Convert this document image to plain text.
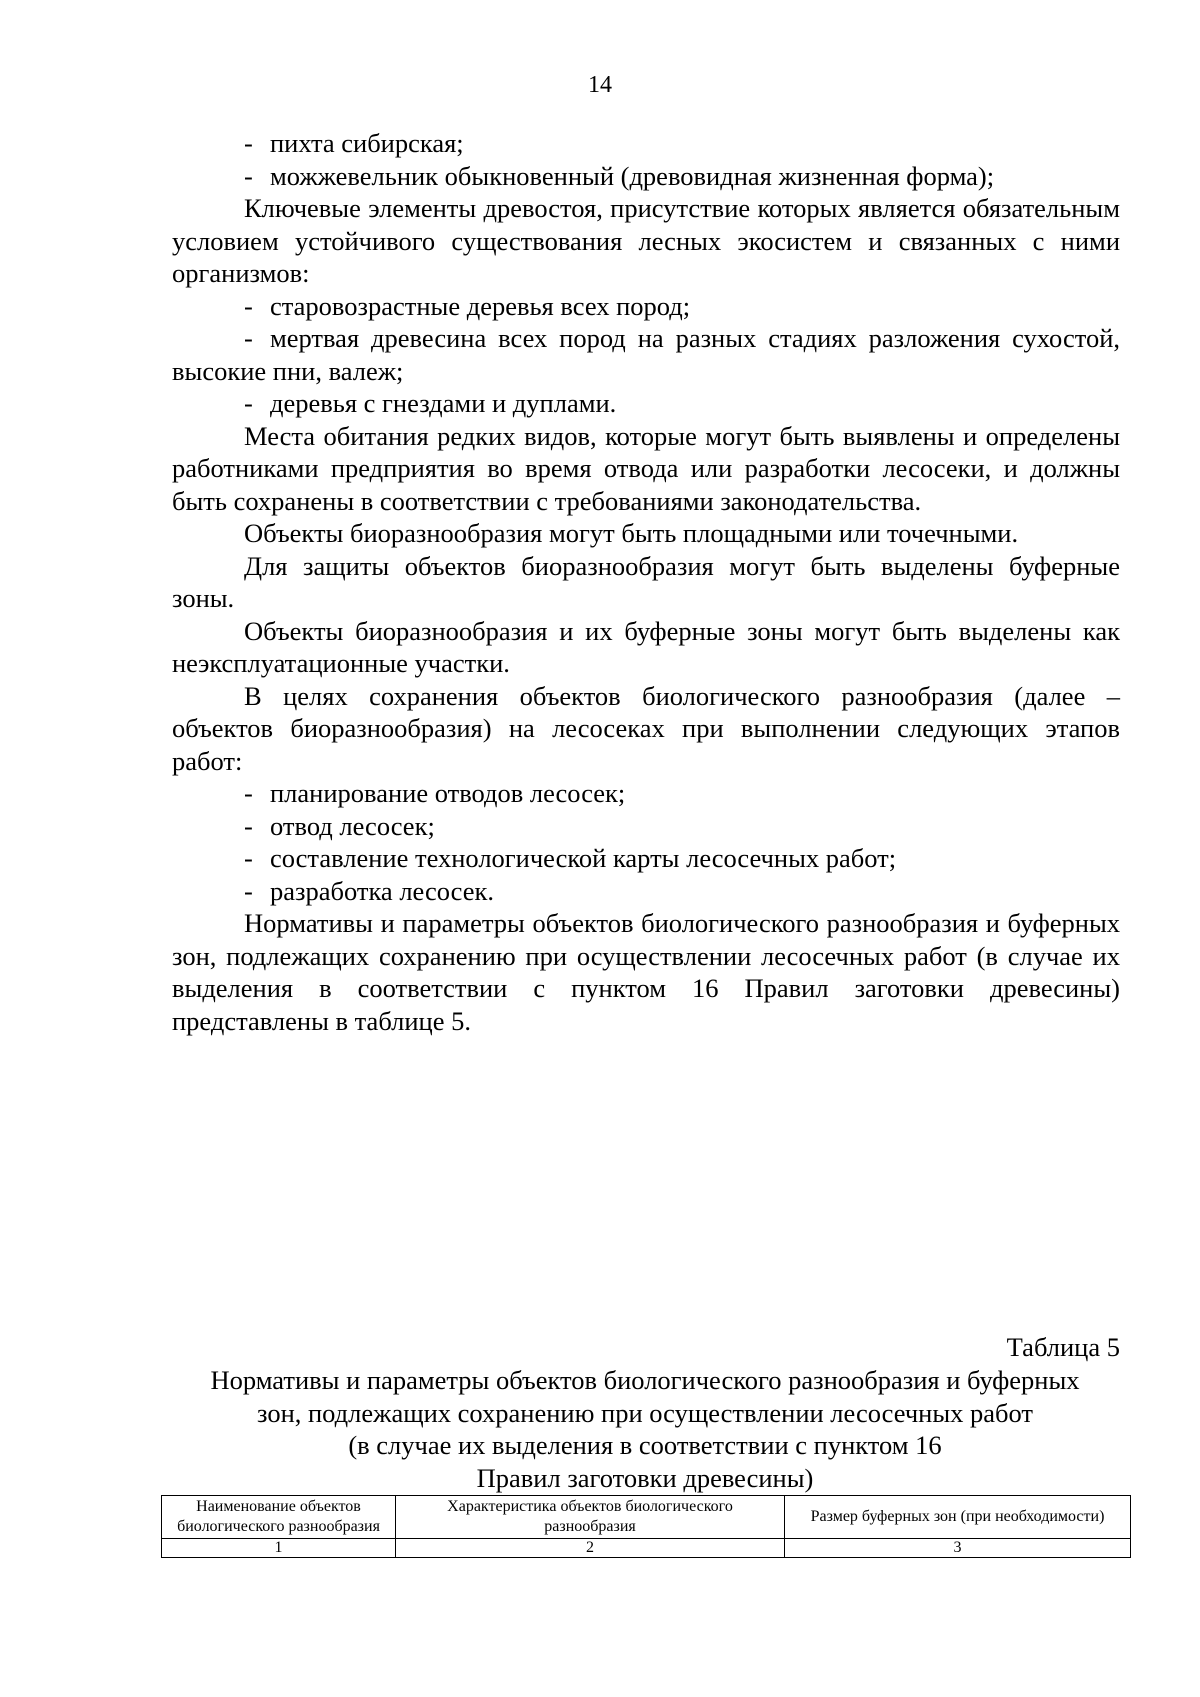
14
- пихта сибирская;
- можжевельник обыкновенный (древовидная жизненная форма);

Ключевые элементы древостоя, присутствие которых является обязательным условием устойчивого существования лесных экосистем и связанных с ними организмов:

- старовозрастные деревья всех пород;

- мертвая древесина всех пород на разных стадиях разложения сухостой, высокие пни, валеж;

- деревья с гнездами и дуплами.

Места обитания редких видов, которые могут быть выявлены и определены работниками предприятия во время отвода или разработки лесосеки, и должны быть сохранены в соответствии с требованиями законодательства.

Объекты биоразнообразия могут быть площадными или точечными.

Для защиты объектов биоразнообразия могут быть выделены буферные зоны.

Объекты биоразнообразия и их буферные зоны могут быть выделены как неэксплуатационные участки.

В целях сохранения объектов биологического разнообразия (далее – объектов биоразнообразия) на лесосеках при выполнении следующих этапов работ:

- планирование отводов лесосек;
- отвод лесосек;
- составление технологической карты лесосечных работ;
- разработка лесосек.

Нормативы и параметры объектов биологического разнообразия и буферных зон, подлежащих сохранению при осуществлении лесосечных работ (в случае их выделения в соответствии с пунктом 16 Правил заготовки древесины) представлены в таблице 5.

Таблица 5
Нормативы и параметры объектов биологического разнообразия и буферных
зон, подлежащих сохранению при осуществлении лесосечных работ
(в случае их выделения в соответствии с пунктом 16
Правил заготовки древесины)
Наименование объектов биологического разнообразия	Характеристика объектов биологического разнообразия	Размер буферных зон (при необходимости)
1	2	3
